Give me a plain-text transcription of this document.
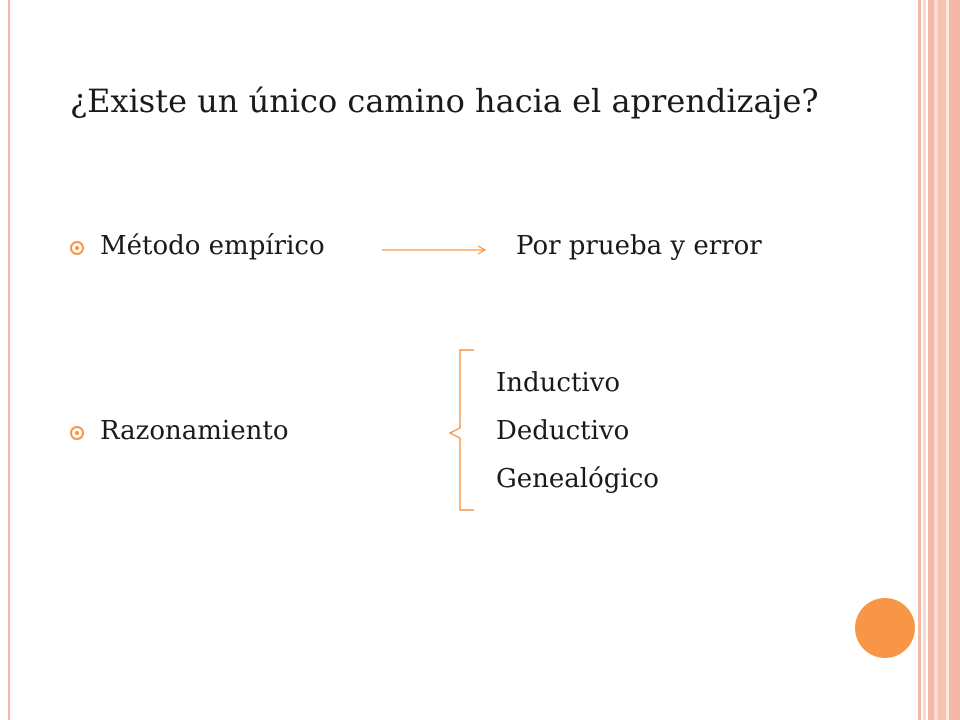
¿Existe un único camino hacia el aprendizaje?
Método empírico	Por prueba y error
Razonamiento
Inductivo
Deductivo
Genealógico
